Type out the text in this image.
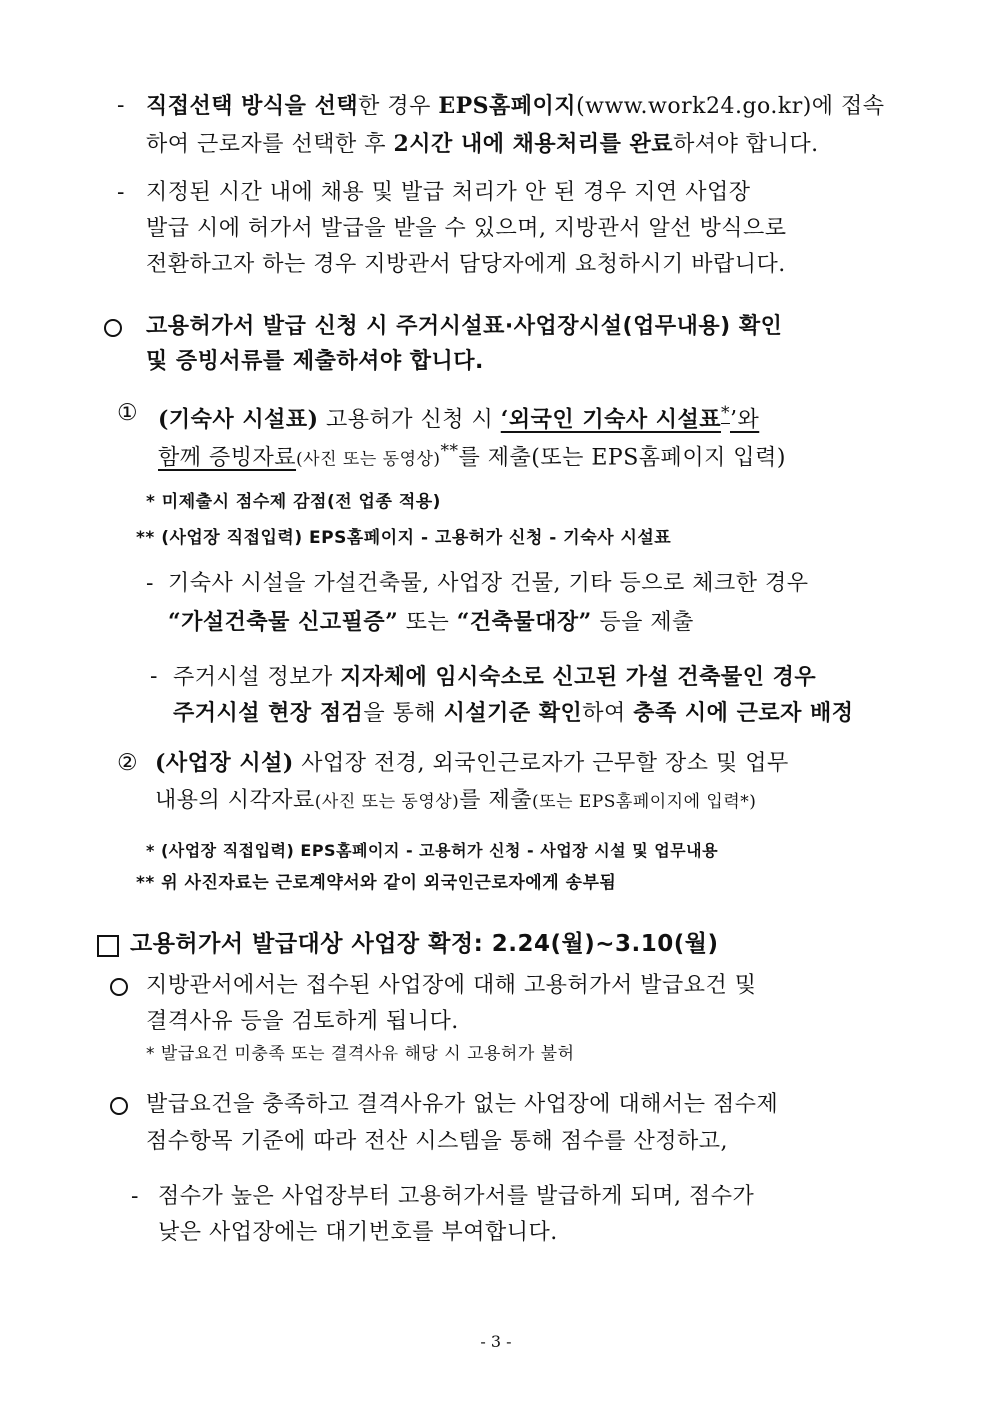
- 직접선택 방식을 선택한 경우 EPS홈페이지(www.work24.go.kr)에 접속
하여 근로자를 선택한 후 2시간 내에 채용처리를 완료하셔야 합니다.
- 지정된 시간 내에 채용 및 발급 처리가 안 된 경우 지연 사업장
발급 시에 허가서 발급을 받을 수 있으며, 지방관서 알선 방식으로
전환하고자 하는 경우 지방관서 담당자에게 요청하시기 바랍니다.
고용허가서 발급 신청 시 주거시설표·사업장시설(업무내용) 확인
및 증빙서류를 제출하셔야 합니다.
① (기숙사 시설표) 고용허가 신청 시 ‘외국인 기숙사 시설표*’와
함께 증빙자료(사진 또는 동영상)**를 제출(또는 EPS홈페이지 입력)
* 미제출시 점수제 감점(전 업종 적용)
** (사업장 직접입력) EPS홈페이지 - 고용허가 신청 - 기숙사 시설표
- 기숙사 시설을 가설건축물, 사업장 건물, 기타 등으로 체크한 경우
“가설건축물 신고필증” 또는 “건축물대장” 등을 제출
- 주거시설 정보가 지자체에 임시숙소로 신고된 가설 건축물인 경우
주거시설 현장 점검을 통해 시설기준 확인하여 충족 시에 근로자 배정
② (사업장 시설) 사업장 전경, 외국인근로자가 근무할 장소 및 업무
내용의 시각자료(사진 또는 동영상)를 제출(또는 EPS홈페이지에 입력*)
* (사업장 직접입력) EPS홈페이지 - 고용허가 신청 - 사업장 시설 및 업무내용
** 위 사진자료는 근로계약서와 같이 외국인근로자에게 송부됨
고용허가서 발급대상 사업장 확정: 2.24(월)~3.10(월)
지방관서에서는 접수된 사업장에 대해 고용허가서 발급요건 및
결격사유 등을 검토하게 됩니다.
* 발급요건 미충족 또는 결격사유 해당 시 고용허가 불허
발급요건을 충족하고 결격사유가 없는 사업장에 대해서는 점수제
점수항목 기준에 따라 전산 시스템을 통해 점수를 산정하고,
- 점수가 높은 사업장부터 고용허가서를 발급하게 되며, 점수가
낮은 사업장에는 대기번호를 부여합니다.
- 3 -
